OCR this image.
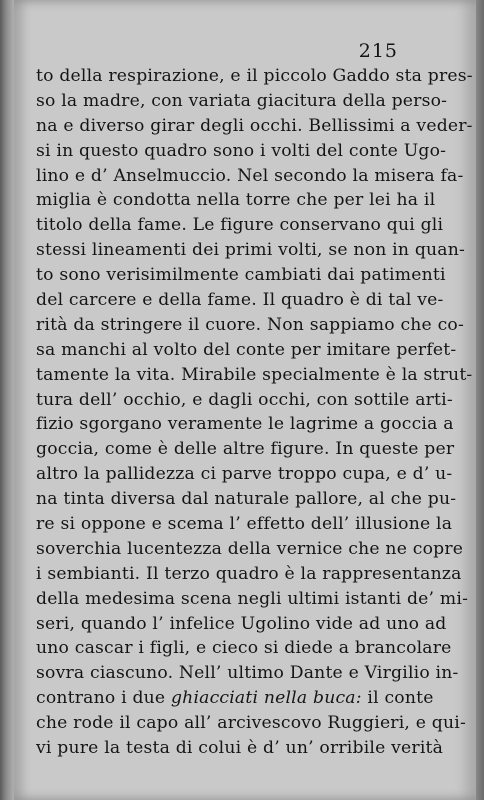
215
to della respirazione, e il piccolo Gaddo sta pres-
so la madre, con variata giacitura della perso-
na e diverso girar degli occhi. Bellissimi a veder-
si in questo quadro sono i volti del conte Ugo-
lino e d’ Anselmuccio. Nel secondo la misera fa-
miglia è condotta nella torre che per lei ha il
titolo della fame. Le figure conservano qui gli
stessi lineamenti dei primi volti, se non in quan-
to sono verisimilmente cambiati dai patimenti
del carcere e della fame. Il quadro è di tal ve-
rità da stringere il cuore. Non sappiamo che co-
sa manchi al volto del conte per imitare perfet-
tamente la vita. Mirabile specialmente è la strut-
tura dell’ occhio, e dagli occhi, con sottile arti-
fizio sgorgano veramente le lagrime a goccia a
goccia, come è delle altre figure. In queste per
altro la pallidezza ci parve troppo cupa, e d’ u-
na tinta diversa dal naturale pallore, al che pu-
re si oppone e scema l’ effetto dell’ illusione la
soverchia lucentezza della vernice che ne copre
i sembianti. Il terzo quadro è la rappresentanza
della medesima scena negli ultimi istanti de’ mi-
seri, quando l’ infelice Ugolino vide ad uno ad
uno cascar i figli, e cieco si diede a brancolare
sovra ciascuno. Nell’ ultimo Dante e Virgilio in-
contrano i due ghiacciati nella buca: il conte
che rode il capo all’ arcivescovo Ruggieri, e qui-
vi pure la testa di colui è d’ un’ orribile verità
